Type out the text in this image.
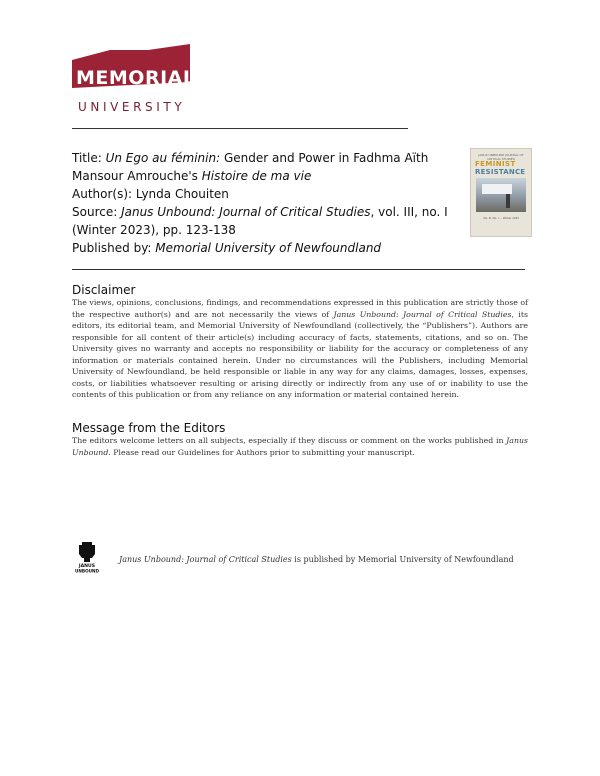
MEMORIAL
UNIVERSITY

Title: Un Ego au féminin: Gender and Power in Fadhma Aïth Mansour Amrouche's Histoire de ma vie

Author(s): Lynda Chouiten

Source: Janus Unbound: Journal of Critical Studies, vol. III, no. I (Winter 2023), pp. 123-138

Published by: Memorial University of Newfoundland

JANUS UNBOUND JOURNAL OF CRITICAL STUDIES
FEMINIST
RESISTANCE
Vol. III, No. I — Winter 2023
Disclaimer

The views, opinions, conclusions, findings, and recommendations expressed in this publication are strictly those of the respective author(s) and are not necessarily the views of Janus Unbound: Journal of Critical Studies, its editors, its editorial team, and Memorial University of Newfoundland (collectively, the “Publishers”). Authors are responsible for all content of their article(s) including accuracy of facts, statements, citations, and so on. The University gives no warranty and accepts no responsibility or liability for the accuracy or completeness of any information or materials contained herein. Under no circumstances will the Publishers, including Memorial University of Newfoundland, be held responsible or liable in any way for any claims, damages, losses, expenses, costs, or liabilities whatsoever resulting or arising directly or indirectly from any use of or inability to use the contents of this publication or from any reliance on any information or material contained herein.

Message from the Editors

The editors welcome letters on all subjects, especially if they discuss or comment on the works published in Janus Unbound. Please read our Guidelines for Authors prior to submitting your manuscript.

JANUS
UNBOUND
Janus Unbound: Journal of Critical Studies is published by Memorial University of Newfoundland
